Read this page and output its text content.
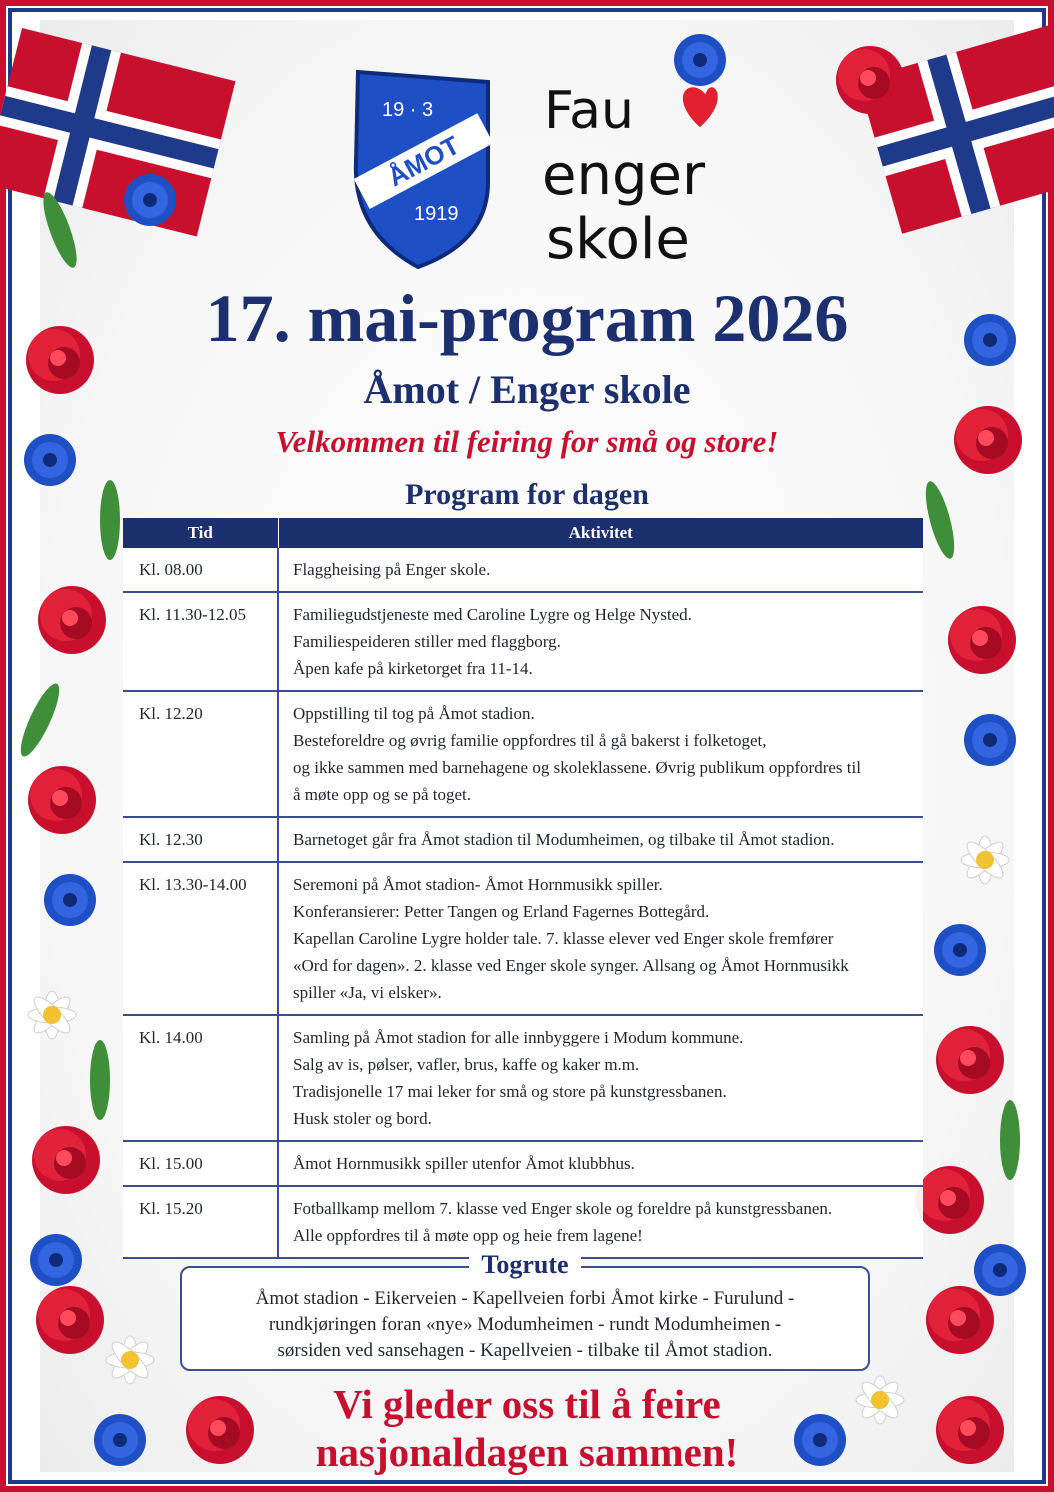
19 · 3
ÅMOT
1919
Fau
enger
skole
17. mai-program 2026
Åmot / Enger skole
Velkommen til feiring for små og store!
Program for dagen
Tid	Aktivitet
Kl. 08.00	Flaggheising på Enger skole.

Kl. 11.30-12.05	Familiegudstjeneste med Caroline Lygre og Helge Nysted.
Familiespeideren stiller med flaggborg.
Åpen kafe på kirketorget fra 11-14.

Kl. 12.20	Oppstilling til tog på Åmot stadion.
Besteforeldre og øvrig familie oppfordres til å gå bakerst i folketoget,
og ikke sammen med barnehagene og skoleklassene. Øvrig publikum oppfordres til
å møte opp og se på toget.

Kl. 12.30	Barnetoget går fra Åmot stadion til Modumheimen, og tilbake til Åmot stadion.

Kl. 13.30-14.00	Seremoni på Åmot stadion- Åmot Hornmusikk spiller.
Konferansierer: Petter Tangen og Erland Fagernes Bottegård.
Kapellan Caroline Lygre holder tale. 7. klasse elever ved Enger skole fremfører
«Ord for dagen». 2. klasse ved Enger skole synger. Allsang og Åmot Hornmusikk
spiller «Ja, vi elsker».

Kl. 14.00	Samling på Åmot stadion for alle innbyggere i Modum kommune.
Salg av is, pølser, vafler, brus, kaffe og kaker m.m.
Tradisjonelle 17 mai leker for små og store på kunstgressbanen.
Husk stoler og bord.

Kl. 15.00	Åmot Hornmusikk spiller utenfor Åmot klubbhus.

Kl. 15.20	Fotballkamp mellom 7. klasse ved Enger skole og foreldre på kunstgressbanen.
Alle oppfordres til å møte opp og heie frem lagene!
Togrute
Åmot stadion - Eikerveien - Kapellveien forbi Åmot kirke - Furulund -
rundkjøringen foran «nye» Modumheimen - rundt Modumheimen -
sørsiden ved sansehagen - Kapellveien - tilbake til Åmot stadion.
Vi gleder oss til å feire
nasjonaldagen sammen!
